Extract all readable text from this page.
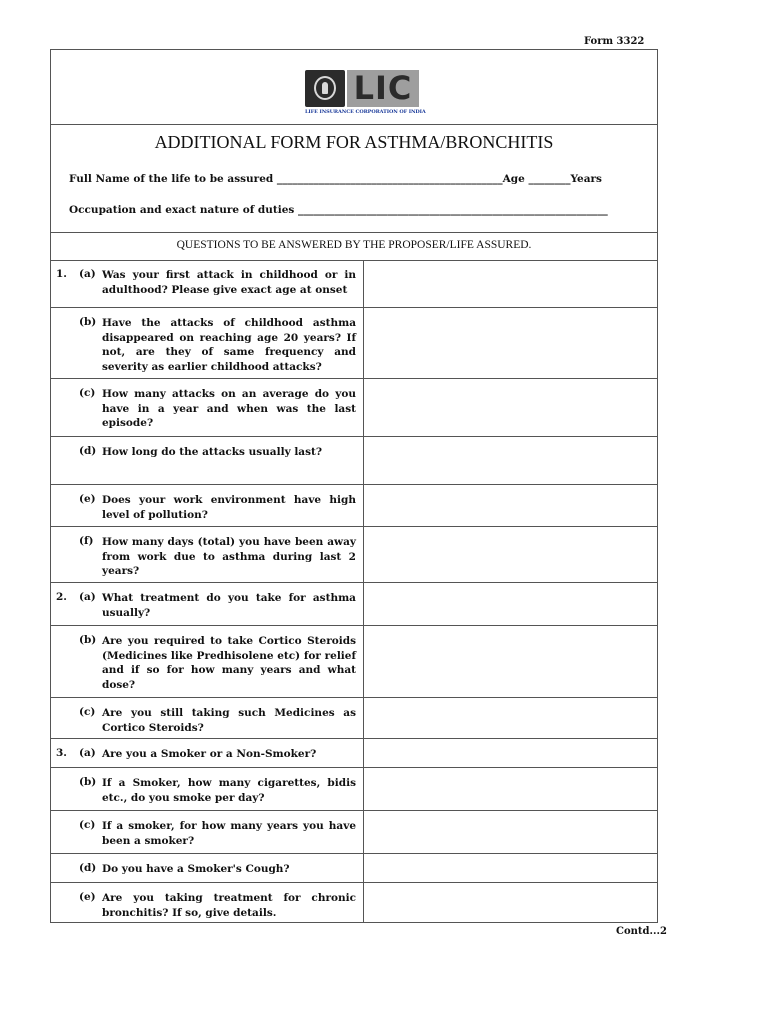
Form 3322
LIC
LIFE INSURANCE CORPORATION OF INDIA
ADDITIONAL FORM FOR ASTHMA/BRONCHITIS
Full Name of the life to be assured ___________________________________________Age ________Years
Occupation and exact nature of duties ___________________________________________________________
QUESTIONS TO BE ANSWERED BY THE PROPOSER/LIFE ASSURED.
1. (a) Was your first attack in childhood or in adulthood? Please give exact age at onset
(b) Have the attacks of childhood asthma disappeared on reaching age 20 years? If not, are they of same frequency and severity as earlier childhood attacks?
(c) How many attacks on an average do you have in a year and when was the last episode?
(d) How long do the attacks usually last?
(e) Does your work environment have high level of pollution?
(f) How many days (total) you have been away from work due to asthma during last 2 years?
2. (a) What treatment do you take for asthma usually?
(b) Are you required to take Cortico Steroids (Medicines like Predhisolene etc) for relief and if so for how many years and what dose?
(c) Are you still taking such Medicines as Cortico Steroids?
3. (a) Are you a Smoker or a Non-Smoker?
(b) If a Smoker, how many cigarettes, bidis etc., do you smoke per day?
(c) If a smoker, for how many years you have been a smoker?
(d) Do you have a Smoker's Cough?
(e) Are you taking treatment for chronic bronchitis? If so, give details.
Contd...2
